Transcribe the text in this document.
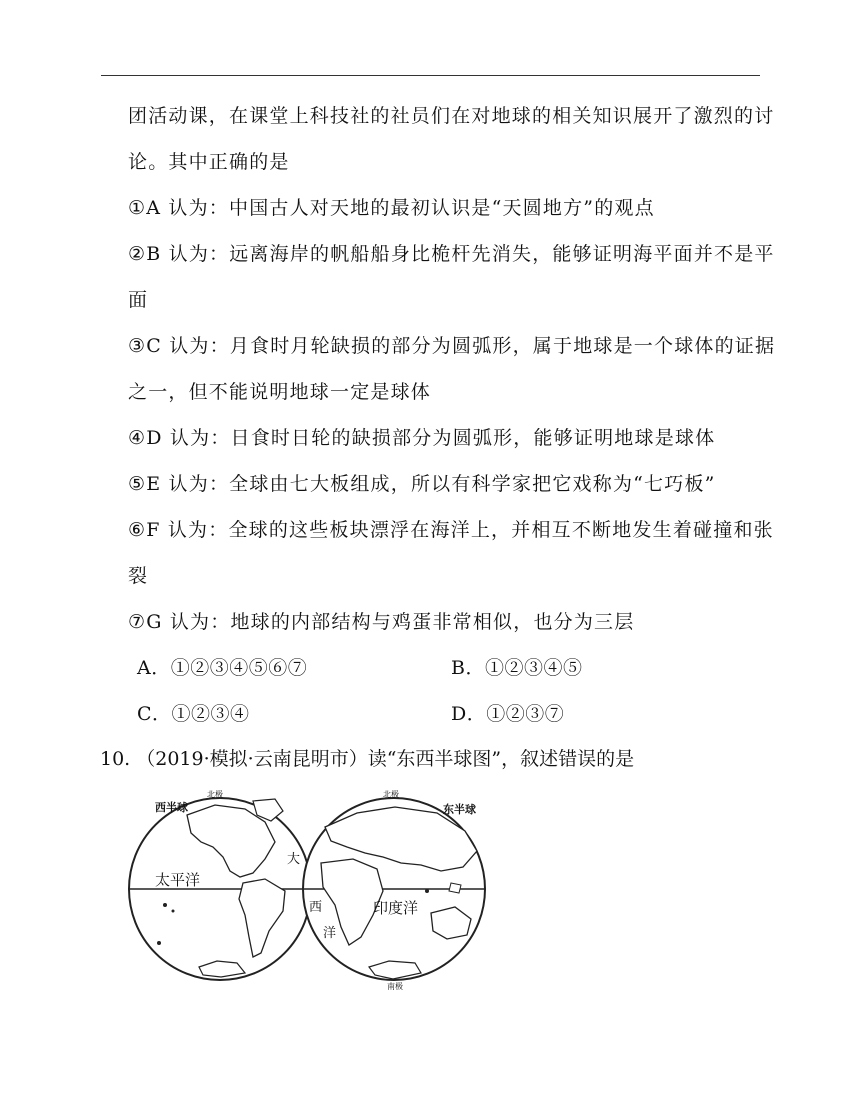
团活动课，在课堂上科技社的社员们在对地球的相关知识展开了激烈的讨
论。其中正确的是
①A 认为：中国古人对天地的最初认识是“天圆地方”的观点
②B 认为：远离海岸的帆船船身比桅杆先消失，能够证明海平面并不是平
面
③C 认为：月食时月轮缺损的部分为圆弧形，属于地球是一个球体的证据
之一，但不能说明地球一定是球体
④D 认为：日食时日轮的缺损部分为圆弧形，能够证明地球是球体
⑤E 认为：全球由七大板组成，所以有科学家把它戏称为“七巧板”
⑥F 认为：全球的这些板块漂浮在海洋上，并相互不断地发生着碰撞和张
裂
⑦G 认为：地球的内部结构与鸡蛋非常相似，也分为三层
A．①②③④⑤⑥⑦	B．①②③④⑤
C．①②③④	D．①②③⑦
10. （2019·模拟·云南昆明市）读“东西半球图”，叙述错误的是
西半球	东半球
北极	北极
南极
太平洋
大
西
洋
印度洋
